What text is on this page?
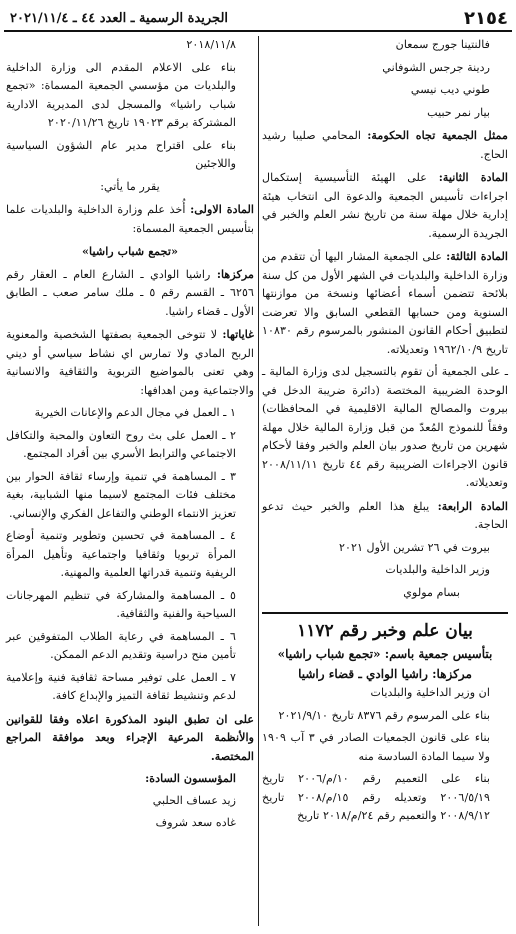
٢١٥٤
الجريدة الرسمية ـ العدد ٤٤ ـ ٢٠٢١/١١/٤

فالنتينا جورج سمعان

ردينة جرجس الشوفاني

طوني ديب نيسي

بيار نمر حبيب

ممثل الجمعية تجاه الحكومة: المحامي صليبا رشيد الحاج.

المادة الثانية: على الهيئة التأسيسية إستكمال اجراءات تأسيس الجمعية والدعوة الى انتخاب هيئة إدارية خلال مهلة سنة من تاريخ نشر العلم والخبر في الجريدة الرسمية.

المادة الثالثة: على الجمعية المشار اليها أن تتقدم من وزارة الداخلية والبلديات في الشهر الأول من كل سنة بلائحة تتضمن أسماء أعضائها ونسخة من موازنتها السنوية ومن حسابها القطعي السابق والا تعرضت لتطبيق أحكام القانون المنشور بالمرسوم رقم ١٠٨٣٠ تاريخ ١٩٦٢/١٠/٩ وتعديلاته.

ـ على الجمعية أن تقوم بالتسجيل لدى وزارة المالية ـ الوحدة الضريبية المختصة (دائرة ضريبة الدخل في بيروت والمصالح المالية الاقليمية في المحافظات) وفقاً للنموذج المُعدّ من قبل وزارة المالية خلال مهلة شهرين من تاريخ صدور بيان العلم والخبر وفقا لأحكام قانون الاجراءات الضريبية رقم ٤٤ تاريخ ٢٠٠٨/١١/١١ وتعديلاته.

المادة الرابعة: يبلغ هذا العلم والخبر حيث تدعو الحاجة.

بيروت في ٢٦ تشرين الأول ٢٠٢١

وزير الداخلية والبلديات

بسام مولوي

بيان علم وخبر رقم ١١٧٢
بتأسيس جمعية باسم: «تجمع شباب راشيا»
مركزها: راشيا الوادي ـ قضاء راشيا

ان وزير الداخلية والبلديات

بناء على المرسوم رقم ٨٣٧٦ تاريخ ٢٠٢١/٩/١٠

بناء على قانون الجمعيات الصادر في ٣ آب ١٩٠٩ ولا سيما المادة السادسة منه

بناء على التعميم رقم ١٠/م/٢٠٠٦ تاريخ ٢٠٠٦/٥/١٩ وتعديله رقم ١٥/م/٢٠٠٨ تاريخ ٢٠٠٨/٩/١٢ والتعميم رقم ٢٤/م/٢٠١٨ تاريخ

٢٠١٨/١١/٨

بناء على الاعلام المقدم الى وزارة الداخلية والبلديات من مؤسسي الجمعية المسماة: «تجمع شباب راشيا» والمسجل لدى المديرية الادارية المشتركة برقم ١٩٠٢٣ تاريخ ٢٠٢٠/١١/٢٦

بناء على اقتراح مدير عام الشؤون السياسية واللاجئين

يقرر ما يأتي:

المادة الاولى: أُخذ علم وزارة الداخلية والبلديات علما بتأسيس الجمعية المسماة:

«تجمع شباب راشيا»

مركزها: راشيا الوادي ـ الشارع العام ـ العقار رقم ٦٢٥٦ ـ القسم رقم ٥ ـ ملك سامر صعب ـ الطابق الأول ـ قضاء راشيا.

غاياتها: لا تتوخى الجمعية بصفتها الشخصية والمعنوية الربح المادي ولا تمارس اي نشاط سياسي أو ديني وهي تعنى بالمواضيع التربوية والثقافية والانسانية والاجتماعية ومن اهدافها:

١ ـ العمل في مجال الدعم والإعانات الخيرية

٢ ـ العمل على بث روح التعاون والمحبة والتكافل الاجتماعي والترابط الأسري بين أفراد المجتمع.

٣ ـ المساهمة في تنمية وإرساء ثقافة الحوار بين مختلف فئات المجتمع لاسيما منها الشبابية، بغية تعزيز الانتماء الوطني والتفاعل الفكري والإنساني.

٤ ـ المساهمة في تحسين وتطوير وتنمية أوضاع المرأة تربويا وثقافيا واجتماعية وتأهيل المرأة الريفية وتنمية قدراتها العلمية والمهنية.

٥ ـ المساهمة والمشاركة في تنظيم المهرجانات السياحية والفنية والثقافية.

٦ ـ المساهمة في رعاية الطلاب المتفوقين عبر تأمين منح دراسية وتقديم الدعم الممكن.

٧ ـ العمل على توفير مساحة ثقافية فنية وإعلامية لدعم وتنشيط ثقافة التميز والإبداع كافة.

على ان تطبق البنود المذكورة اعلاه وفقا للقوانين والأنظمة المرعية الإجراء وبعد موافقة المراجع المختصة.

المؤسسون السادة:

زيد عساف الحلبي

غاده سعد شروف
